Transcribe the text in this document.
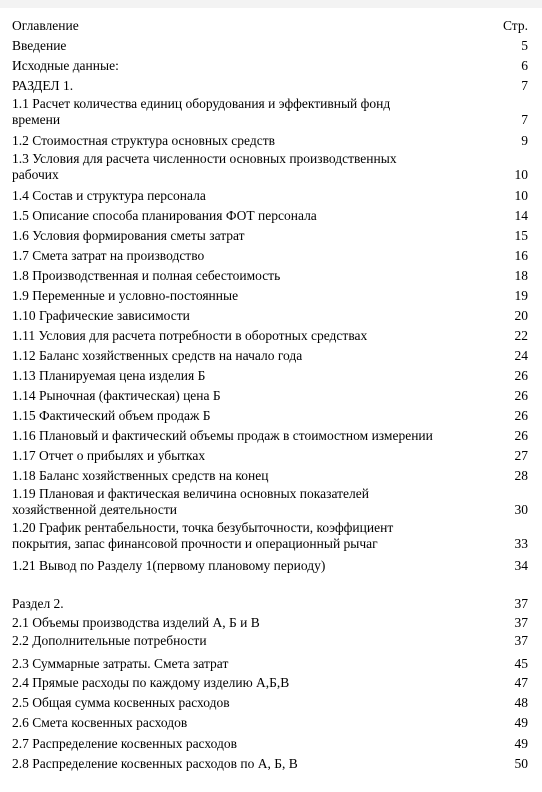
Оглавление	Стр.
Введение	5
Исходные данные:	6
РАЗДЕЛ 1.	7
1.1 Расчет количества единиц оборудования и эффективный фонд
времени	7
1.2 Стоимостная структура основных средств	9
1.3 Условия для расчета численности основных производственных
рабочих	10
1.4 Состав и структура персонала	10
1.5 Описание способа планирования ФОТ персонала	14
1.6 Условия формирования сметы затрат	15
1.7 Смета затрат на производство	16
1.8 Производственная и полная себестоимость	18
1.9 Переменные и условно-постоянные	19
1.10 Графические зависимости	20
1.11 Условия для расчета потребности в оборотных средствах	22
1.12 Баланс хозяйственных средств на начало года	24
1.13 Планируемая цена изделия Б	26
1.14 Рыночная (фактическая) цена Б	26
1.15 Фактический объем продаж Б	26
1.16 Плановый и фактический объемы продаж в стоимостном измерении	26
1.17 Отчет о прибылях и убытках	27
1.18 Баланс хозяйственных средств на конец	28
1.19 Плановая и фактическая величина основных показателей
хозяйственной деятельности	30
1.20 График рентабельности, точка безубыточности, коэффициент
покрытия, запас финансовой прочности и операционный рычаг	33
1.21 Вывод по Разделу 1(первому плановому периоду)	34
Раздел 2.	37
2.1 Объемы производства изделий А, Б и В	37
2.2 Дополнительные потребности	37
2.3 Суммарные затраты. Смета затрат	45
2.4 Прямые расходы по каждому изделию А,Б,В	47
2.5 Общая сумма косвенных расходов	48
2.6 Смета косвенных расходов	49
2.7 Распределение косвенных расходов	49
2.8 Распределение косвенных расходов по А, Б, В	50
